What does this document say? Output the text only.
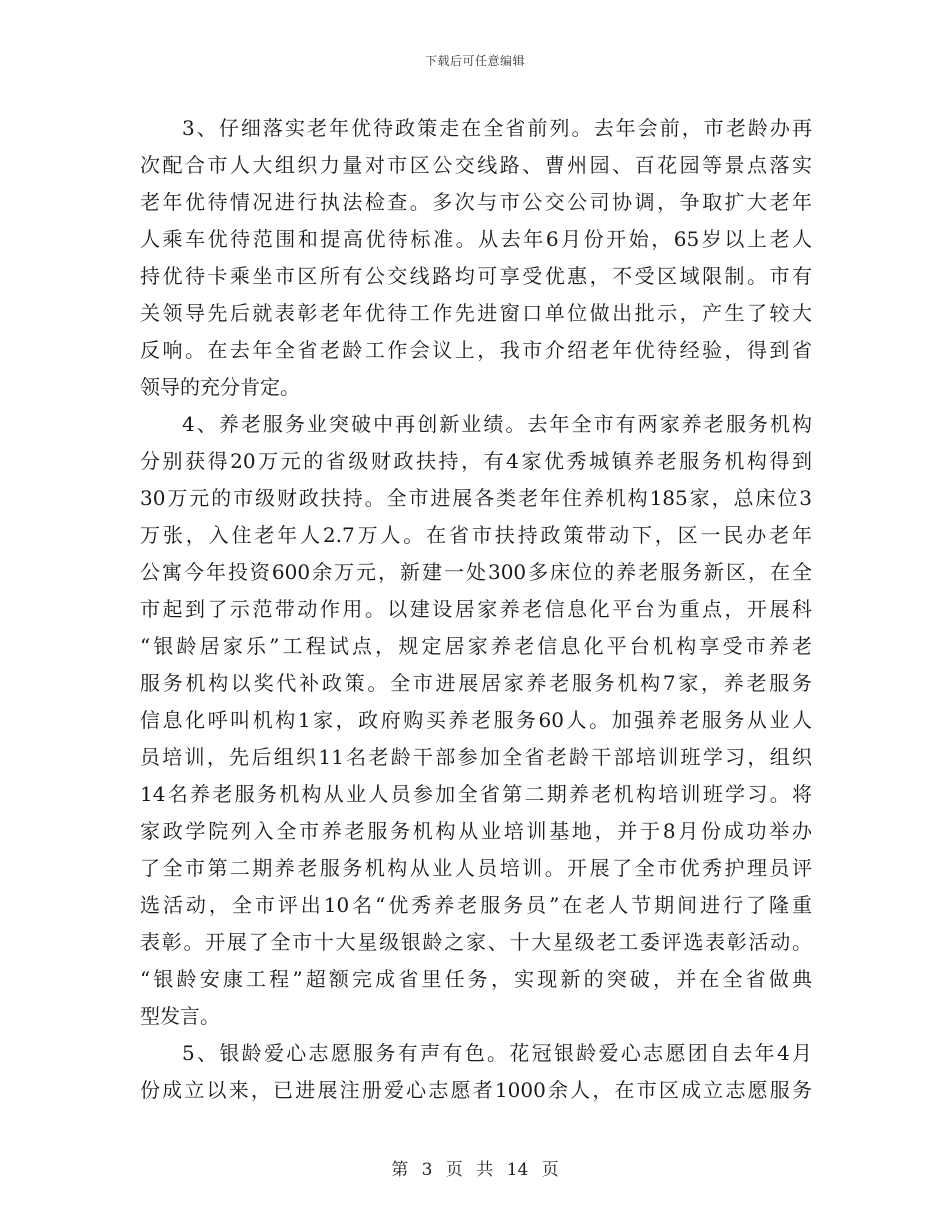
下载后可任意编辑
3、仔细落实老年优待政策走在全省前列。去年会前，市老龄办再
次配合市人大组织力量对市区公交线路、曹州园、百花园等景点落实
老年优待情况进行执法检查。多次与市公交公司协调，争取扩大老年
人乘车优待范围和提高优待标准。从去年6月份开始，65岁以上老人
持优待卡乘坐市区所有公交线路均可享受优惠，不受区域限制。市有
关领导先后就表彰老年优待工作先进窗口单位做出批示，产生了较大
反响。在去年全省老龄工作会议上，我市介绍老年优待经验，得到省
领导的充分肯定。
4、养老服务业突破中再创新业绩。去年全市有两家养老服务机构
分别获得20万元的省级财政扶持，有4家优秀城镇养老服务机构得到
30万元的市级财政扶持。全市进展各类老年住养机构185家，总床位3
万张，入住老年人2.7万人。在省市扶持政策带动下，区一民办老年
公寓今年投资600余万元，新建一处300多床位的养老服务新区，在全
市起到了示范带动作用。以建设居家养老信息化平台为重点，开展科
“银龄居家乐”工程试点，规定居家养老信息化平台机构享受市养老
服务机构以奖代补政策。全市进展居家养老服务机构7家，养老服务
信息化呼叫机构1家，政府购买养老服务60人。加强养老服务从业人
员培训，先后组织11名老龄干部参加全省老龄干部培训班学习，组织
14名养老服务机构从业人员参加全省第二期养老机构培训班学习。将
家政学院列入全市养老服务机构从业培训基地，并于8月份成功举办
了全市第二期养老服务机构从业人员培训。开展了全市优秀护理员评
选活动，全市评出10名“优秀养老服务员”在老人节期间进行了隆重
表彰。开展了全市十大星级银龄之家、十大星级老工委评选表彰活动。
“银龄安康工程”超额完成省里任务，实现新的突破，并在全省做典
型发言。
5、银龄爱心志愿服务有声有色。花冠银龄爱心志愿团自去年4月
份成立以来，已进展注册爱心志愿者1000余人，在市区成立志愿服务
第 3 页 共 14 页
